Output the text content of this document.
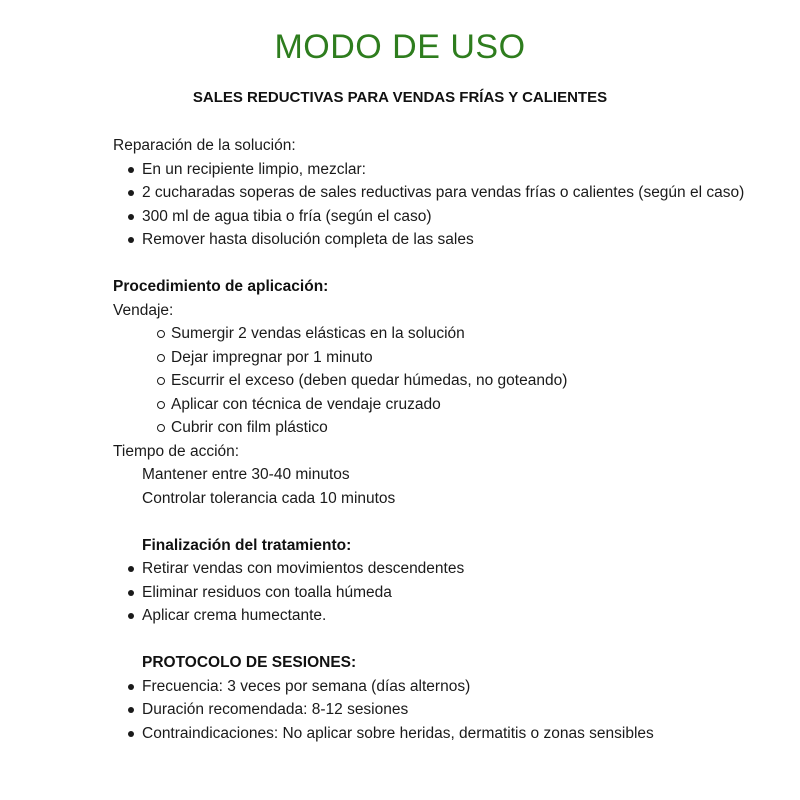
MODO DE USO
SALES REDUCTIVAS PARA VENDAS FRÍAS Y CALIENTES

Reparación de la solución:

En un recipiente limpio, mezclar:
2 cucharadas soperas de sales reductivas para vendas frías o calientes (según el caso)
300 ml de agua tibia o fría (según el caso)
Remover hasta disolución completa de las sales

Procedimiento de aplicación:

Vendaje:

Sumergir 2 vendas elásticas en la solución
Dejar impregnar por 1 minuto
Escurrir el exceso (deben quedar húmedas, no goteando)
Aplicar con técnica de vendaje cruzado
Cubrir con film plástico

Tiempo de acción:

Mantener entre 30-40 minutos

Controlar tolerancia cada 10 minutos

Finalización del tratamiento:

Retirar vendas con movimientos descendentes
Eliminar residuos con toalla húmeda
Aplicar crema humectante.

PROTOCOLO DE SESIONES:

Frecuencia: 3 veces por semana (días alternos)
Duración recomendada: 8-12 sesiones
Contraindicaciones: No aplicar sobre heridas, dermatitis o zonas sensibles
